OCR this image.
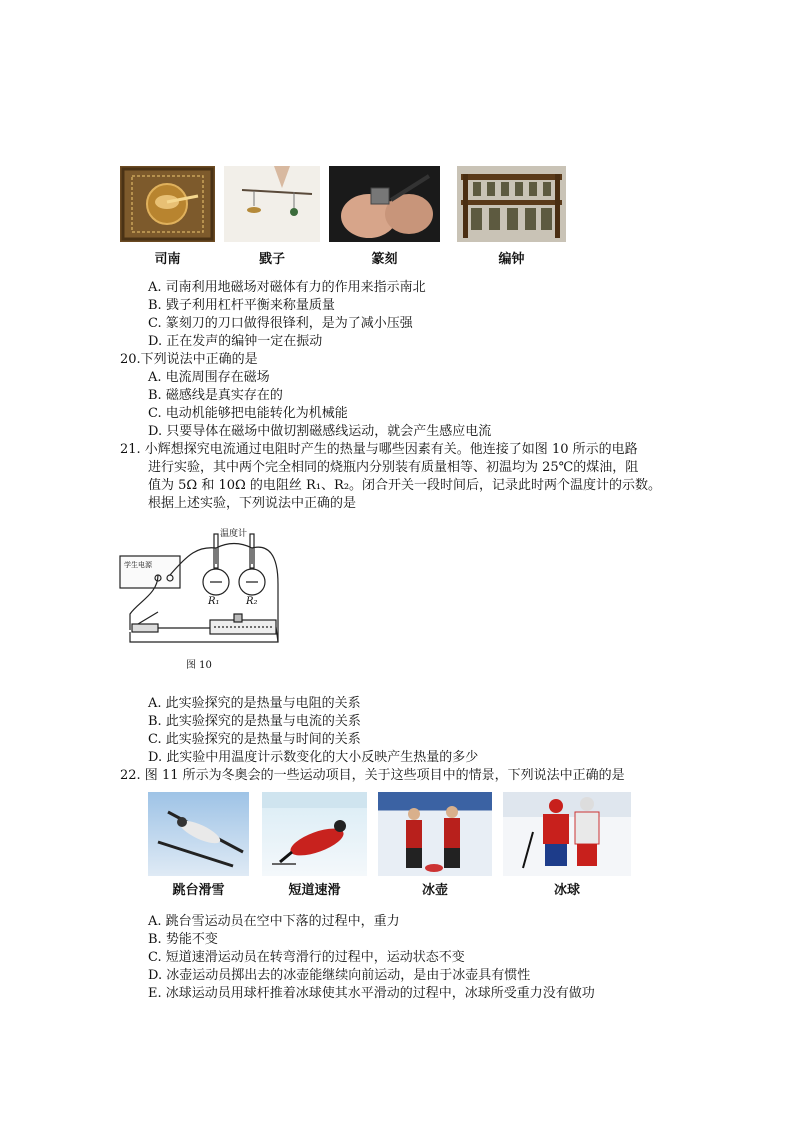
司南	戥子	篆刻	编钟
A. 司南利用地磁场对磁体有力的作用来指示南北
B. 戥子利用杠杆平衡来称量质量
C. 篆刻刀的刀口做得很锋利，是为了减小压强
D. 正在发声的编钟一定在振动
20.下列说法中正确的是
A. 电流周围存在磁场
B. 磁感线是真实存在的
C. 电动机能够把电能转化为机械能
D. 只要导体在磁场中做切割磁感线运动，就会产生感应电流
21. 小辉想探究电流通过电阻时产生的热量与哪些因素有关。他连接了如图 10 所示的电路
进行实验，其中两个完全相同的烧瓶内分别装有质量相等、初温均为 25℃的煤油，阻
值为 5Ω 和 10Ω 的电阻丝 R₁、R₂。闭合开关一段时间后，记录此时两个温度计的示数。
根据上述实验，下列说法中正确的是
温度计
学生电源
R₁	R₂
图 10
A. 此实验探究的是热量与电阻的关系
B. 此实验探究的是热量与电流的关系
C. 此实验探究的是热量与时间的关系
D. 此实验中用温度计示数变化的大小反映产生热量的多少
22. 图 11 所示为冬奥会的一些运动项目，关于这些项目中的情景，下列说法中正确的是
跳台滑雪	短道速滑	冰壶	冰球
A. 跳台雪运动员在空中下落的过程中，重力
B. 势能不变
C. 短道速滑运动员在转弯滑行的过程中，运动状态不变
D. 冰壶运动员掷出去的冰壶能继续向前运动，是由于冰壶具有惯性
E. 冰球运动员用球杆推着冰球使其水平滑动的过程中，冰球所受重力没有做功
